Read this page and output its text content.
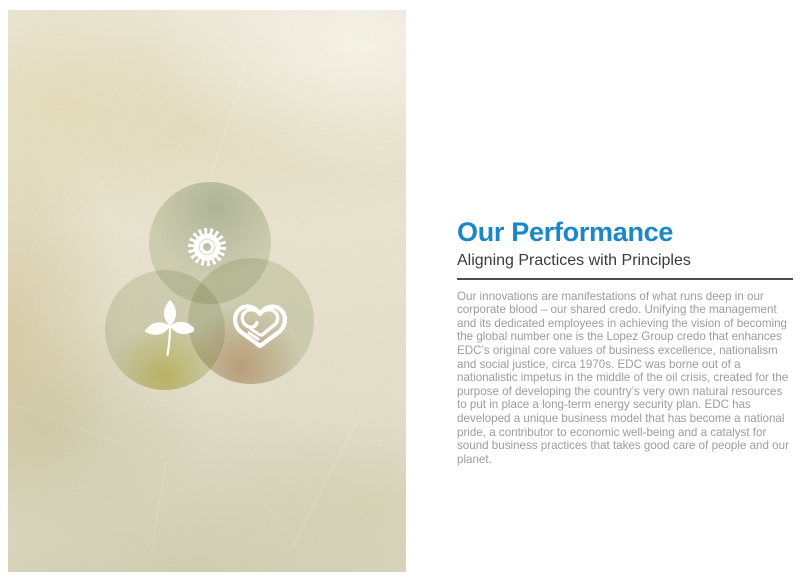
Our Performance
Aligning Practices with Principles
Our innovations are manifestations of what runs deep in our corporate blood – our shared credo. Unifying the management and its dedicated employees in achieving the vision of becoming the global number one is the Lopez Group credo that enhances EDC’s original core values of business excellence, nationalism and social justice, circa 1970s. EDC was borne out of a nationalistic impetus in the middle of the oil crisis, created for the purpose of developing the country’s very own natural resources to put in place a long-term energy security plan. EDC has developed a unique business model that has become a national pride, a contributor to economic well-being and a catalyst for sound business practices that takes good care of people and our planet.
